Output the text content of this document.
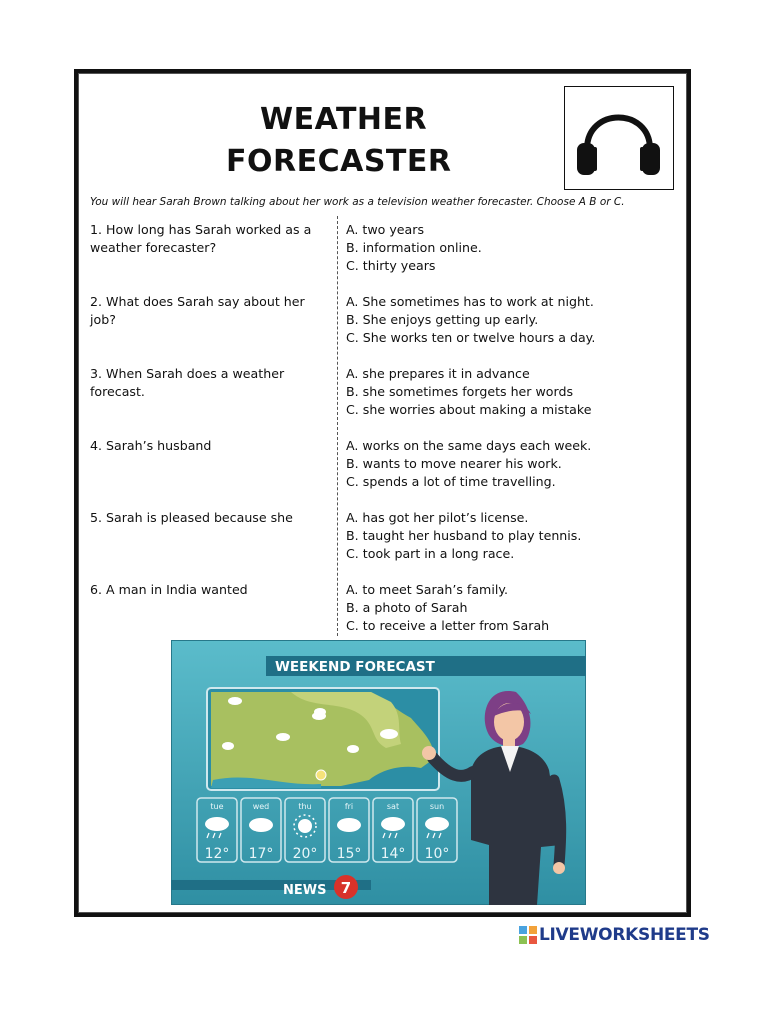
WEATHER
FORECASTER
You will hear Sarah Brown talking about her work as a television weather forecaster. Choose A B or C.
1. How long has Sarah worked as a weather forecaster?
A. two years
B. information online.
C. thirty years
2. What does Sarah say about her job?
A. She sometimes has to work at night.
B. She enjoys getting up early.
C. She works ten or twelve hours a day.
3. When Sarah does a weather forecast.
A. she prepares it in advance
B. she sometimes forgets her words
C. she worries about making a mistake
4. Sarah’s husband	A. works on the same days each week.
B. wants to move nearer his work.
C. spends a lot of time travelling.
5. Sarah is pleased because she	A. has got her pilot’s license.
B. taught her husband to play tennis.
C. took part in a long race.
6. A man in India wanted	A. to meet Sarah’s family.
B. a photo of Sarah
C. to receive a letter from Sarah
WEEKEND FORECAST
tue
12°
wed
17°
thu
20°
fri
15°
sat
14°
sun
10°
NEWS 7
LIVEWORKSHEETS
